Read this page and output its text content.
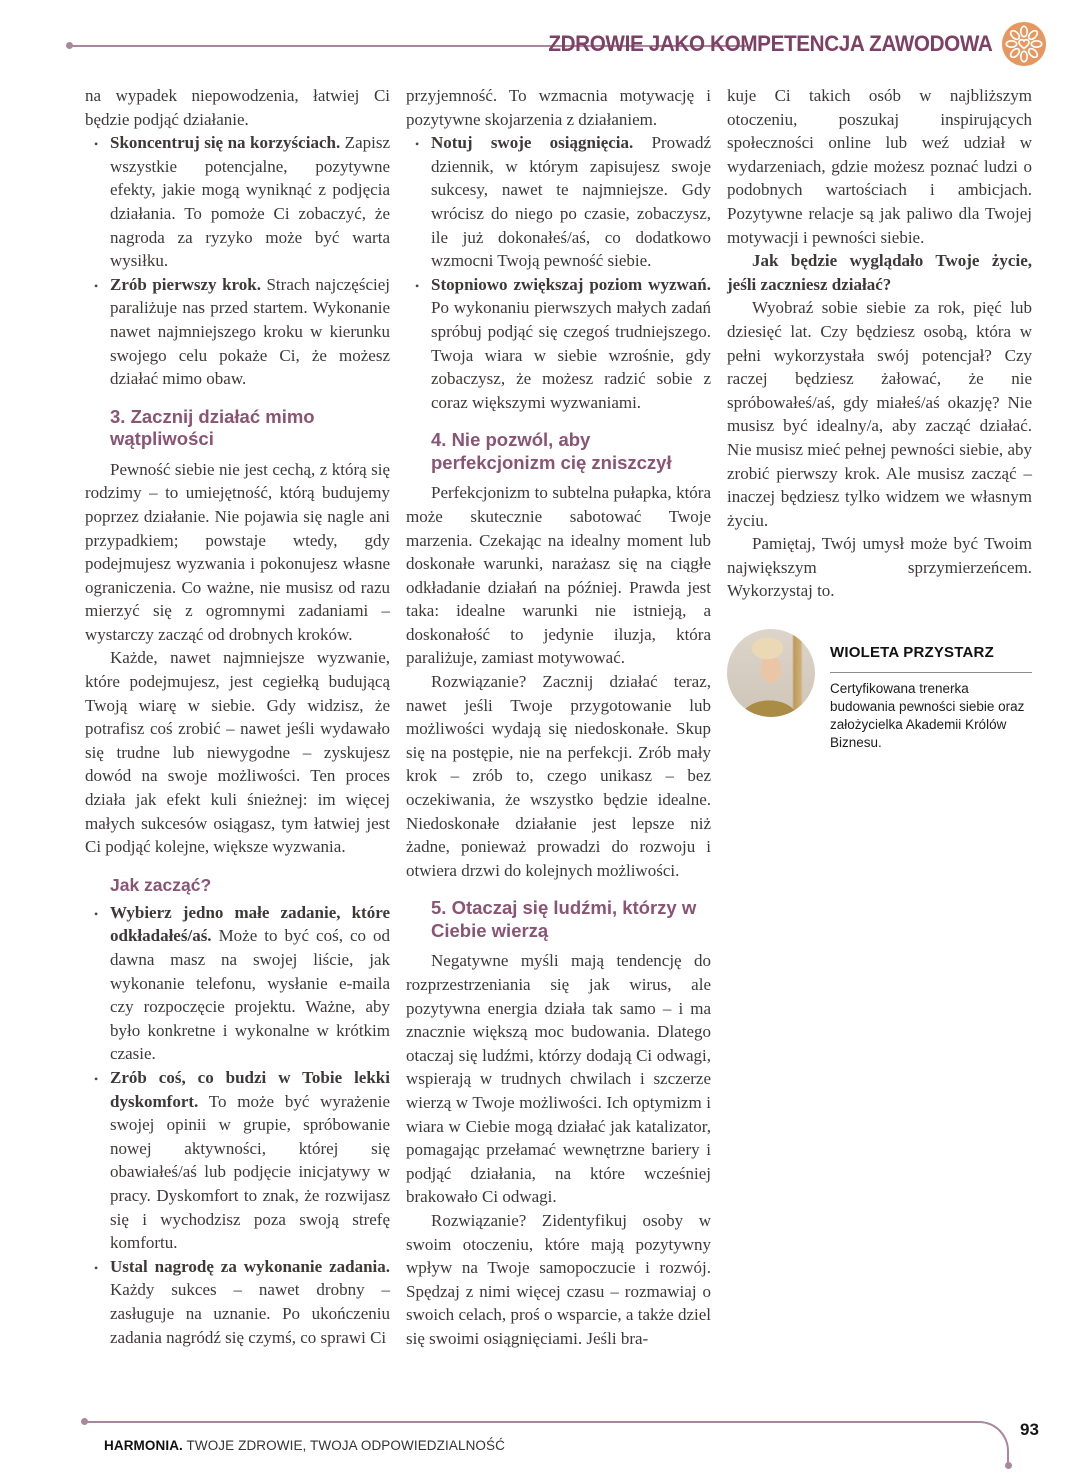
ZDROWIE JAKO KOMPETENCJA ZAWODOWA

na wypadek niepowodzenia, łatwiej Ci będzie podjąć działanie.

• Skoncentruj się na korzyściach. Zapisz wszystkie potencjalne, pozytywne efekty, jakie mogą wyniknąć z podjęcia działania. To pomoże Ci zobaczyć, że nagroda za ryzyko może być warta wysiłku.

• Zrób pierwszy krok. Strach najczęściej paraliżuje nas przed startem. Wykonanie nawet najmniejszego kroku w kierunku swojego celu pokaże Ci, że możesz działać mimo obaw.

3. Zacznij działać mimo wątpliwości

Pewność siebie nie jest cechą, z którą się rodzimy – to umiejętność, którą budujemy poprzez działanie. Nie pojawia się nagle ani przypadkiem; powstaje wtedy, gdy podejmujesz wyzwania i pokonujesz własne ograniczenia. Co ważne, nie musisz od razu mierzyć się z ogromnymi zadaniami – wystarczy zacząć od drobnych kroków.

Każde, nawet najmniejsze wyzwanie, które podejmujesz, jest cegiełką budującą Twoją wiarę w siebie. Gdy widzisz, że potrafisz coś zrobić – nawet jeśli wydawało się trudne lub niewygodne – zyskujesz dowód na swoje możliwości. Ten proces działa jak efekt kuli śnieżnej: im więcej małych sukcesów osiągasz, tym łatwiej jest Ci podjąć kolejne, większe wyzwania.

Jak zacząć?
• Wybierz jedno małe zadanie, które odkładałeś/aś. Może to być coś, co od dawna masz na swojej liście, jak wykonanie telefonu, wysłanie e-maila czy rozpoczęcie projektu. Ważne, aby było konkretne i wykonalne w krótkim czasie.

• Zrób coś, co budzi w Tobie lekki dyskomfort. To może być wyrażenie swojej opinii w grupie, spróbowanie nowej aktywności, której się obawiałeś/aś lub podjęcie inicjatywy w pracy. Dyskomfort to znak, że rozwijasz się i wychodzisz poza swoją strefę komfortu.

• Ustal nagrodę za wykonanie zadania. Każdy sukces – nawet drobny – zasługuje na uznanie. Po ukończeniu zadania nagródź się czymś, co sprawi Ci

przyjemność. To wzmacnia motywację i pozytywne skojarzenia z działaniem.

• Notuj swoje osiągnięcia. Prowadź dziennik, w którym zapisujesz swoje sukcesy, nawet te najmniejsze. Gdy wrócisz do niego po czasie, zobaczysz, ile już dokonałeś/aś, co dodatkowo wzmocni Twoją pewność siebie.

• Stopniowo zwiększaj poziom wyzwań. Po wykonaniu pierwszych małych zadań spróbuj podjąć się czegoś trudniejszego. Twoja wiara w siebie wzrośnie, gdy zobaczysz, że możesz radzić sobie z coraz większymi wyzwaniami.

4. Nie pozwól, aby perfekcjonizm cię zniszczył

Perfekcjonizm to subtelna pułapka, która może skutecznie sabotować Twoje marzenia. Czekając na idealny moment lub doskonałe warunki, narażasz się na ciągłe odkładanie działań na później. Prawda jest taka: idealne warunki nie istnieją, a doskonałość to jedynie iluzja, która paraliżuje, zamiast motywować.

Rozwiązanie? Zacznij działać teraz, nawet jeśli Twoje przygotowanie lub możliwości wydają się niedoskonałe. Skup się na postępie, nie na perfekcji. Zrób mały krok – zrób to, czego unikasz – bez oczekiwania, że wszystko będzie idealne. Niedoskonałe działanie jest lepsze niż żadne, ponieważ prowadzi do rozwoju i otwiera drzwi do kolejnych możliwości.

5. Otaczaj się ludźmi, którzy w Ciebie wierzą

Negatywne myśli mają tendencję do rozprzestrzeniania się jak wirus, ale pozytywna energia działa tak samo – i ma znacznie większą moc budowania. Dlatego otaczaj się ludźmi, którzy dodają Ci odwagi, wspierają w trudnych chwilach i szczerze wierzą w Twoje możliwości. Ich optymizm i wiara w Ciebie mogą działać jak katalizator, pomagając przełamać wewnętrzne bariery i podjąć działania, na które wcześniej brakowało Ci odwagi.

Rozwiązanie? Zidentyfikuj osoby w swoim otoczeniu, które mają pozytywny wpływ na Twoje samopoczucie i rozwój. Spędzaj z nimi więcej czasu – rozmawiaj o swoich celach, proś o wsparcie, a także dziel się swoimi osiągnięciami. Jeśli bra-

kuje Ci takich osób w najbliższym otoczeniu, poszukaj inspirujących społeczności online lub weź udział w wydarzeniach, gdzie możesz poznać ludzi o podobnych wartościach i ambicjach. Pozytywne relacje są jak paliwo dla Twojej motywacji i pewności siebie.

Jak będzie wyglądało Twoje życie, jeśli zaczniesz działać?

Wyobraź sobie siebie za rok, pięć lub dziesięć lat. Czy będziesz osobą, która w pełni wykorzystała swój potencjał? Czy raczej będziesz żałować, że nie spróbowałeś/aś, gdy miałeś/aś okazję? Nie musisz być idealny/a, aby zacząć działać. Nie musisz mieć pełnej pewności siebie, aby zrobić pierwszy krok. Ale musisz zacząć – inaczej będziesz tylko widzem we własnym życiu.

Pamiętaj, Twój umysł może być Twoim największym sprzymierzeńcem. Wykorzystaj to.

WIOLETA PRZYSTARZ

Certyfikowana trenerka budowania pewności siebie oraz założycielka Akademii Królów Biznesu.

HARMONIA. TWOJE ZDROWIE, TWOJA ODPOWIEDZIALNOŚĆ
93
